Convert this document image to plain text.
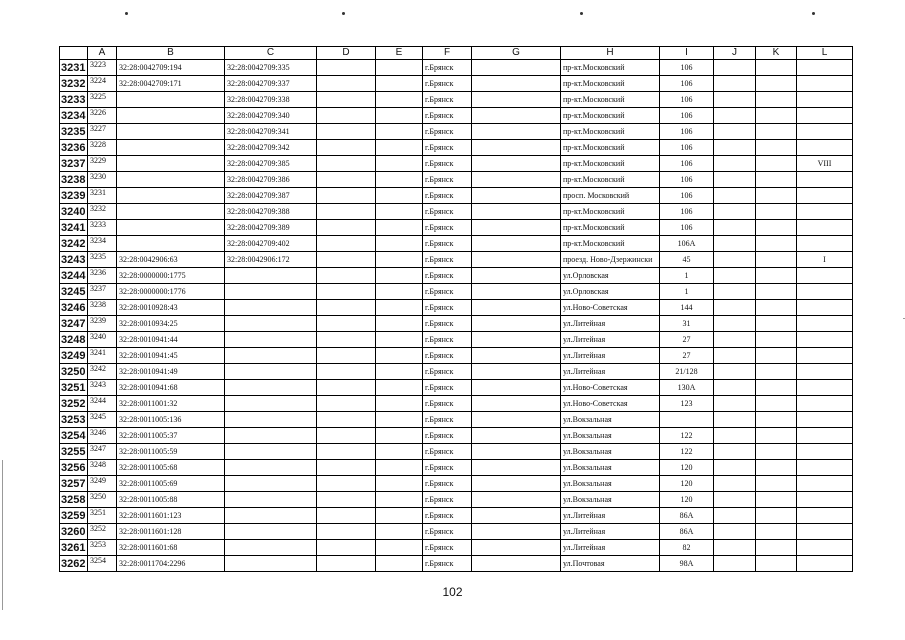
	A	B	C	D	E	F	G	H	I	J	K	L
3231	3223	32:28:0042709:194	32:28:0042709:335			г.Брянск		пр-кт.Московский	106			
3232	3224	32:28:0042709:171	32:28:0042709:337			г.Брянск		пр-кт.Московский	106			
3233	3225		32:28:0042709:338			г.Брянск		пр-кт.Московский	106			
3234	3226		32:28:0042709:340			г.Брянск		пр-кт.Московский	106			
3235	3227		32:28:0042709:341			г.Брянск		пр-кт.Московский	106			
3236	3228		32:28:0042709:342			г.Брянск		пр-кт.Московский	106			
3237	3229		32:28:0042709:385			г.Брянск		пр-кт.Московский	106			VIII
3238	3230		32:28:0042709:386			г.Брянск		пр-кт.Московский	106			
3239	3231		32:28:0042709:387			г.Брянск		просп. Московский	106			
3240	3232		32:28:0042709:388			г.Брянск		пр-кт.Московский	106			
3241	3233		32:28:0042709:389			г.Брянск		пр-кт.Московский	106			
3242	3234		32:28:0042709:402			г.Брянск		пр-кт.Московский	106А			
3243	3235	32:28:0042906:63	32:28:0042906:172			г.Брянск		проезд. Ново-Дзержински	45			I
3244	3236	32:28:0000000:1775				г.Брянск		ул.Орловская	1			
3245	3237	32:28:0000000:1776				г.Брянск		ул.Орловская	1			
3246	3238	32:28:0010928:43				г.Брянск		ул.Ново-Советская	144			
3247	3239	32:28:0010934:25				г.Брянск		ул.Литейная	31			
3248	3240	32:28:0010941:44				г.Брянск		ул.Литейная	27			
3249	3241	32:28:0010941:45				г.Брянск		ул.Литейная	27			
3250	3242	32:28:0010941:49				г.Брянск		ул.Литейная	21/128			
3251	3243	32:28:0010941:68				г.Брянск		ул.Ново-Советская	130А			
3252	3244	32:28:0011001:32				г.Брянск		ул.Ново-Советская	123			
3253	3245	32:28:0011005:136				г.Брянск		ул.Вокзальная				
3254	3246	32:28:0011005:37				г.Брянск		ул.Вокзальная	122			
3255	3247	32:28:0011005:59				г.Брянск		ул.Вокзальная	122			
3256	3248	32:28:0011005:68				г.Брянск		ул.Вокзальная	120			
3257	3249	32:28:0011005:69				г.Брянск		ул.Вокзальная	120			
3258	3250	32:28:0011005:88				г.Брянск		ул.Вокзальная	120			
3259	3251	32:28:0011601:123				г.Брянск		ул.Литейная	86А			
3260	3252	32:28:0011601:128				г.Брянск		ул.Литейная	86А			
3261	3253	32:28:0011601:68				г.Брянск		ул.Литейная	82			
3262	3254	32:28:0011704:2296				г.Брянск		ул.Почтовая	98А			
102
